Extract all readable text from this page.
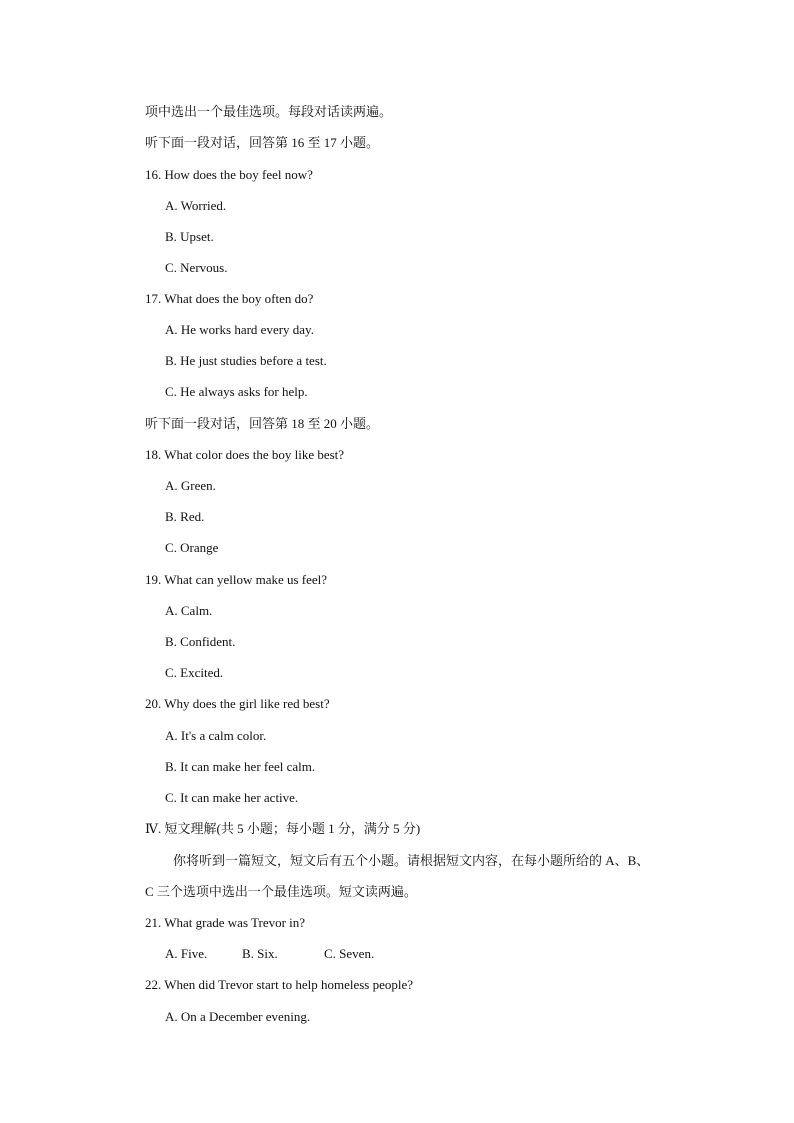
项中选出一个最佳选项。每段对话读两遍。
听下面一段对话，回答第 16 至 17 小题。
16. How does the boy feel now?
A. Worried.
B. Upset.
C. Nervous.
17. What does the boy often do?
A. He works hard every day.
B. He just studies before a test.
C. He always asks for help.
听下面一段对话，回答第 18 至 20 小题。
18. What color does the boy like best?
A. Green.
B. Red.
C. Orange
19. What can yellow make us feel?
A. Calm.
B. Confident.
C. Excited.
20. Why does the girl like red best?
A. It's a calm color.
B. It can make her feel calm.
C. It can make her active.
Ⅳ. 短文理解(共 5 小题；每小题 1 分，满分 5 分)
你将听到一篇短文，短文后有五个小题。请根据短文内容，在每小题所给的 A、B、
C 三个选项中选出一个最佳选项。短文读两遍。
21. What grade was Trevor in?
A. Five.	B. Six.	C. Seven.
22. When did Trevor start to help homeless people?
A. On a December evening.
